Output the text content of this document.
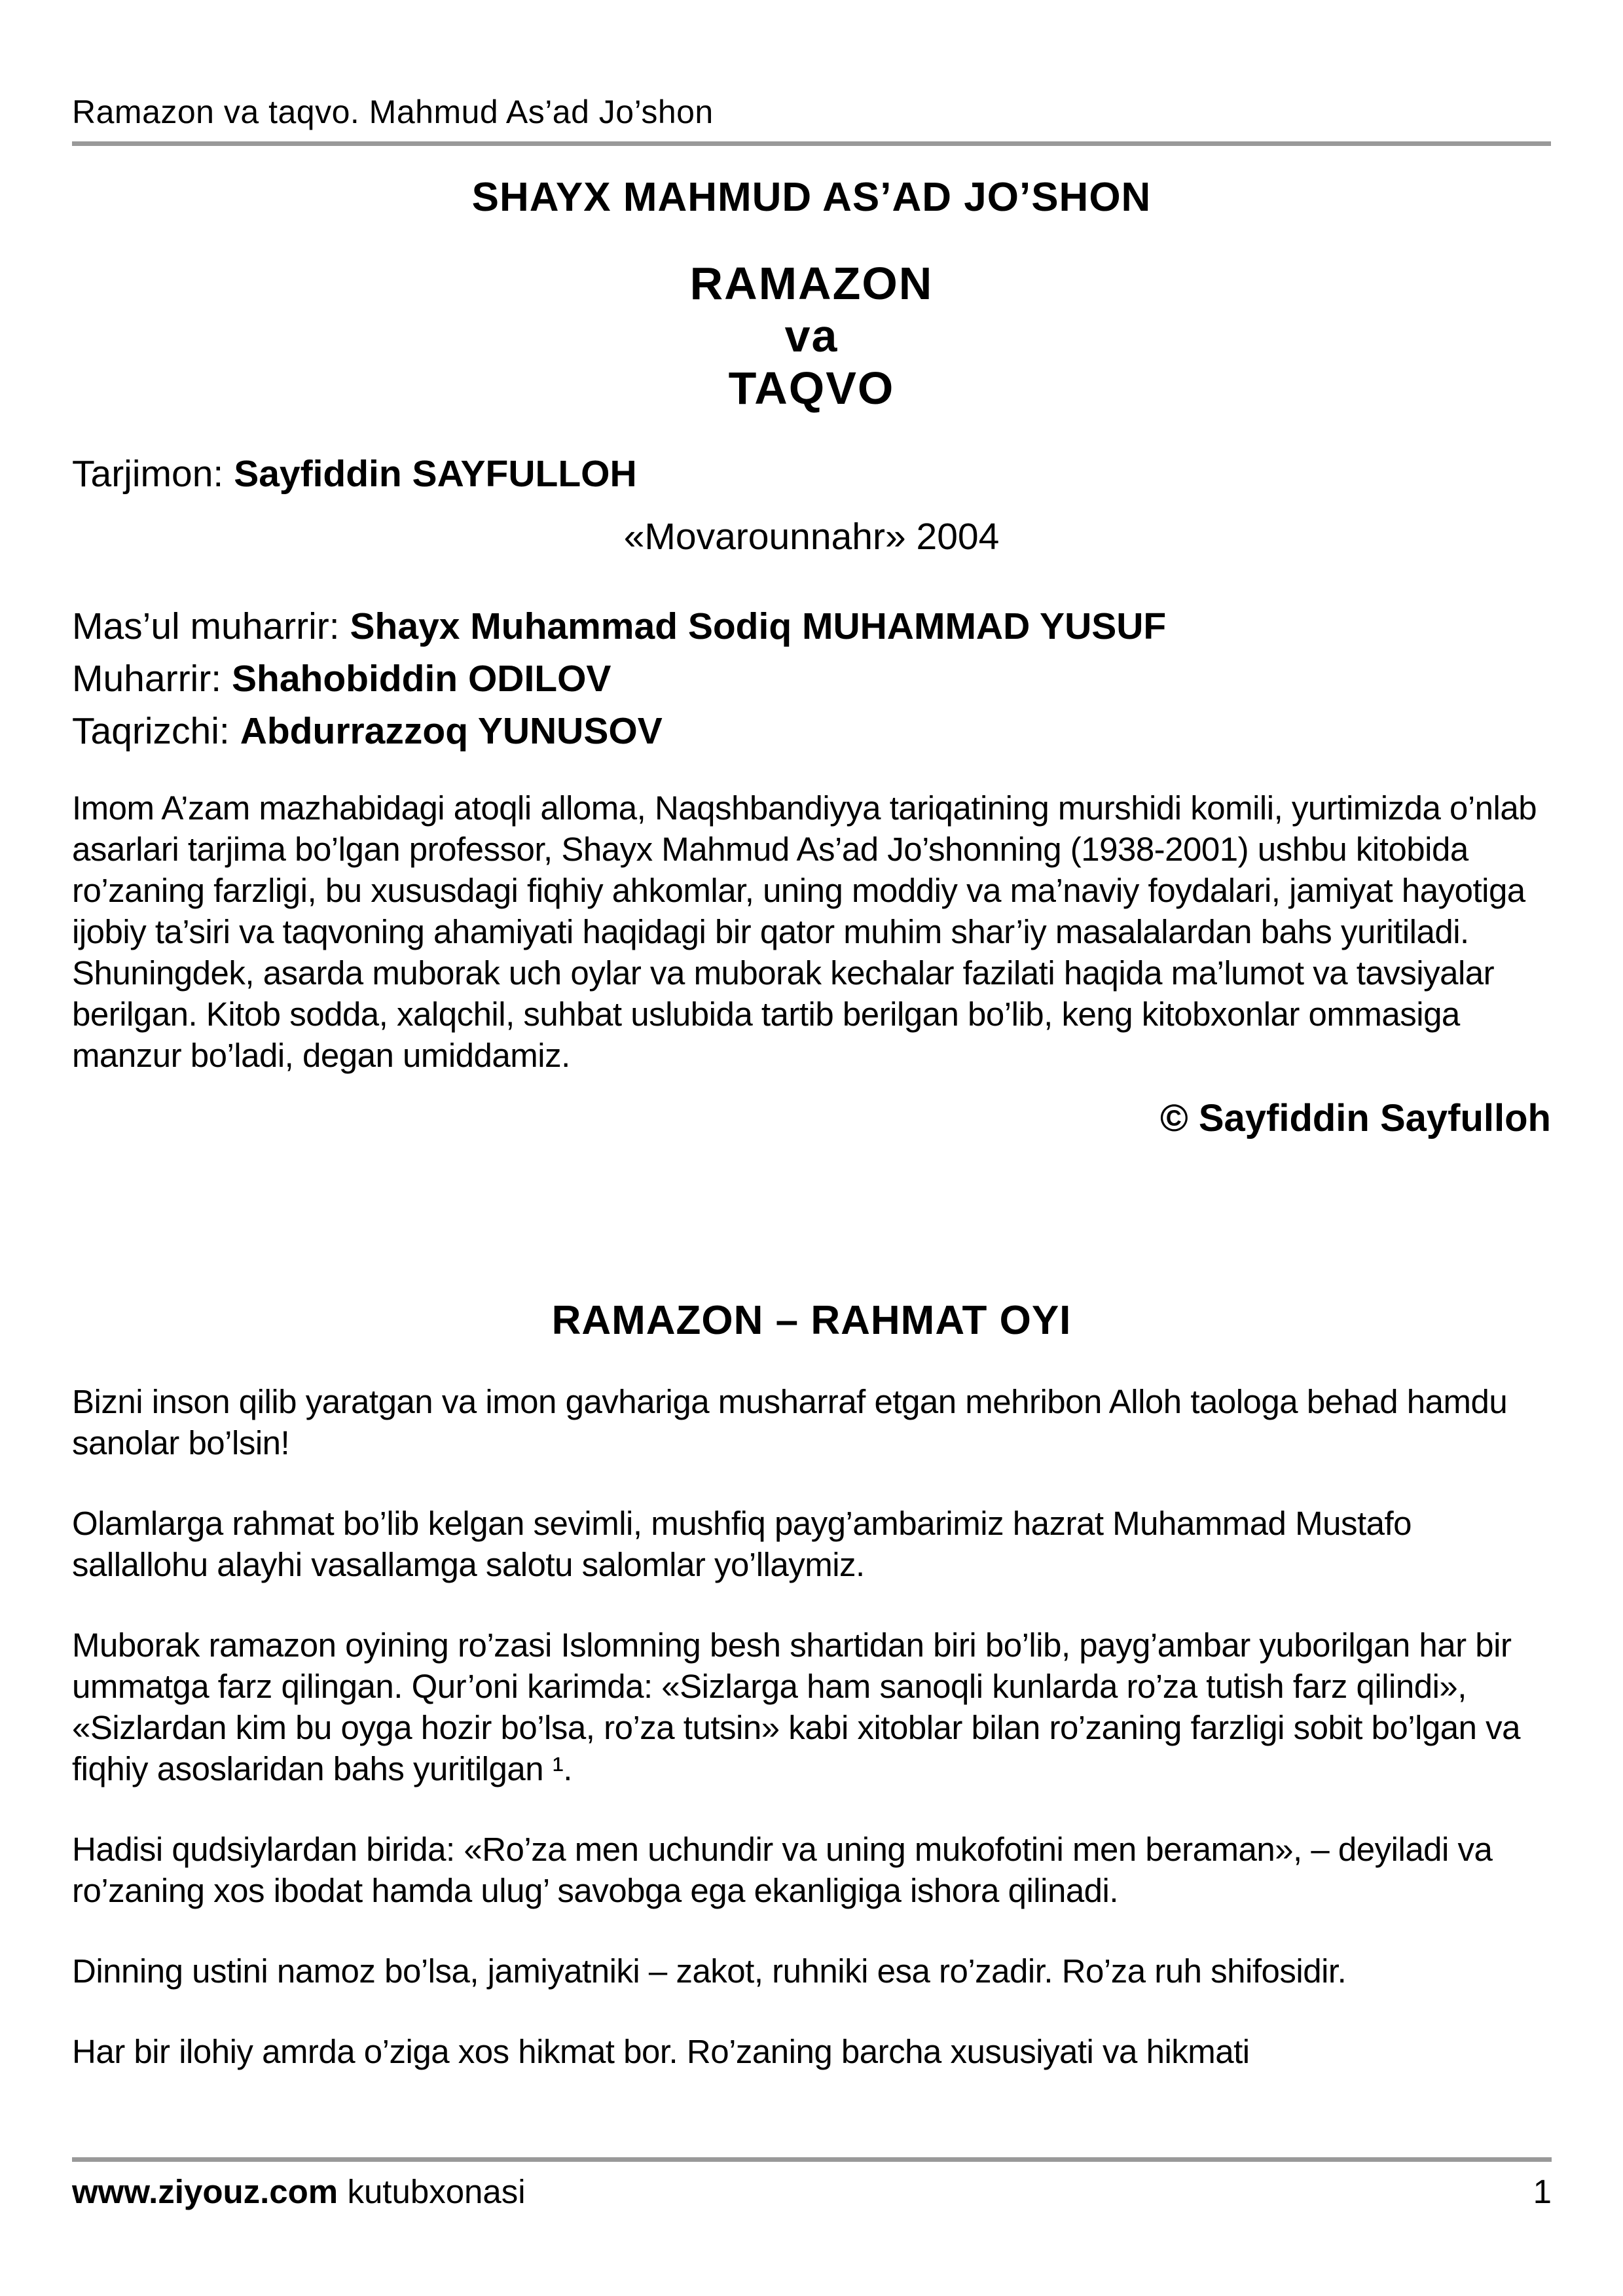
Ramazon va taqvo. Mahmud As’ad Jo’shon
SHAYX MAHMUD AS’AD JO’SHON
RAMAZON
va
TAQVO
Tarjimon: Sayfiddin SAYFULLOH
«Movarounnahr» 2004
Mas’ul muharrir: Shayx Muhammad Sodiq MUHAMMAD YUSUF
Muharrir: Shahobiddin ODILOV
Taqrizchi: Abdurrazzoq YUNUSOV

Imom A’zam mazhabidagi atoqli alloma, Naqshbandiyya tariqatining murshidi komili, yurtimizda o’nlab asarlari tarjima bo’lgan professor, Shayx Mahmud As’ad Jo’shonning (1938-2001) ushbu kitobida ro’zaning farzligi, bu xususdagi fiqhiy ahkomlar, uning moddiy va ma’naviy foydalari, jamiyat hayotiga ijobiy ta’siri va taqvoning ahamiyati haqidagi bir qator muhim shar’iy masalalardan bahs yuritiladi. Shuningdek, asarda muborak uch oylar va muborak kechalar fazilati haqida ma’lumot va tavsiyalar berilgan. Kitob sodda, xalqchil, suhbat uslubida tartib berilgan bo’lib, keng kitobxonlar ommasiga manzur bo’ladi, degan umiddamiz.

© Sayfiddin Sayfulloh
RAMAZON – RAHMAT OYI

Bizni inson qilib yaratgan va imon gavhariga musharraf etgan mehribon Alloh taologa behad hamdu sanolar bo’lsin!

Olamlarga rahmat bo’lib kelgan sevimli, mushfiq payg’ambarimiz hazrat Muhammad Mustafo sallallohu alayhi vasallamga salotu salomlar yo’llaymiz.

Muborak ramazon oyining ro’zasi Islomning besh shartidan biri bo’lib, payg’ambar yuborilgan har bir ummatga farz qilingan. Qur’oni karimda: «Sizlarga ham sanoqli kunlarda ro’za tutish farz qilindi», «Sizlardan kim bu oyga hozir bo’lsa, ro’za tutsin» kabi xitoblar bilan ro’zaning farzligi sobit bo’lgan va fiqhiy asoslaridan bahs yuritilgan ¹.

Hadisi qudsiylardan birida: «Ro’za men uchundir va uning mukofotini men beraman», – deyiladi va ro’zaning xos ibodat hamda ulug’ savobga ega ekanligiga ishora qilinadi.

Dinning ustini namoz bo’lsa, jamiyatniki – zakot, ruhniki esa ro’zadir. Ro’za ruh shifosidir.

Har bir ilohiy amrda o’ziga xos hikmat bor. Ro’zaning barcha xususiyati va hikmati

www.ziyouz.com kutubxonasi	1
